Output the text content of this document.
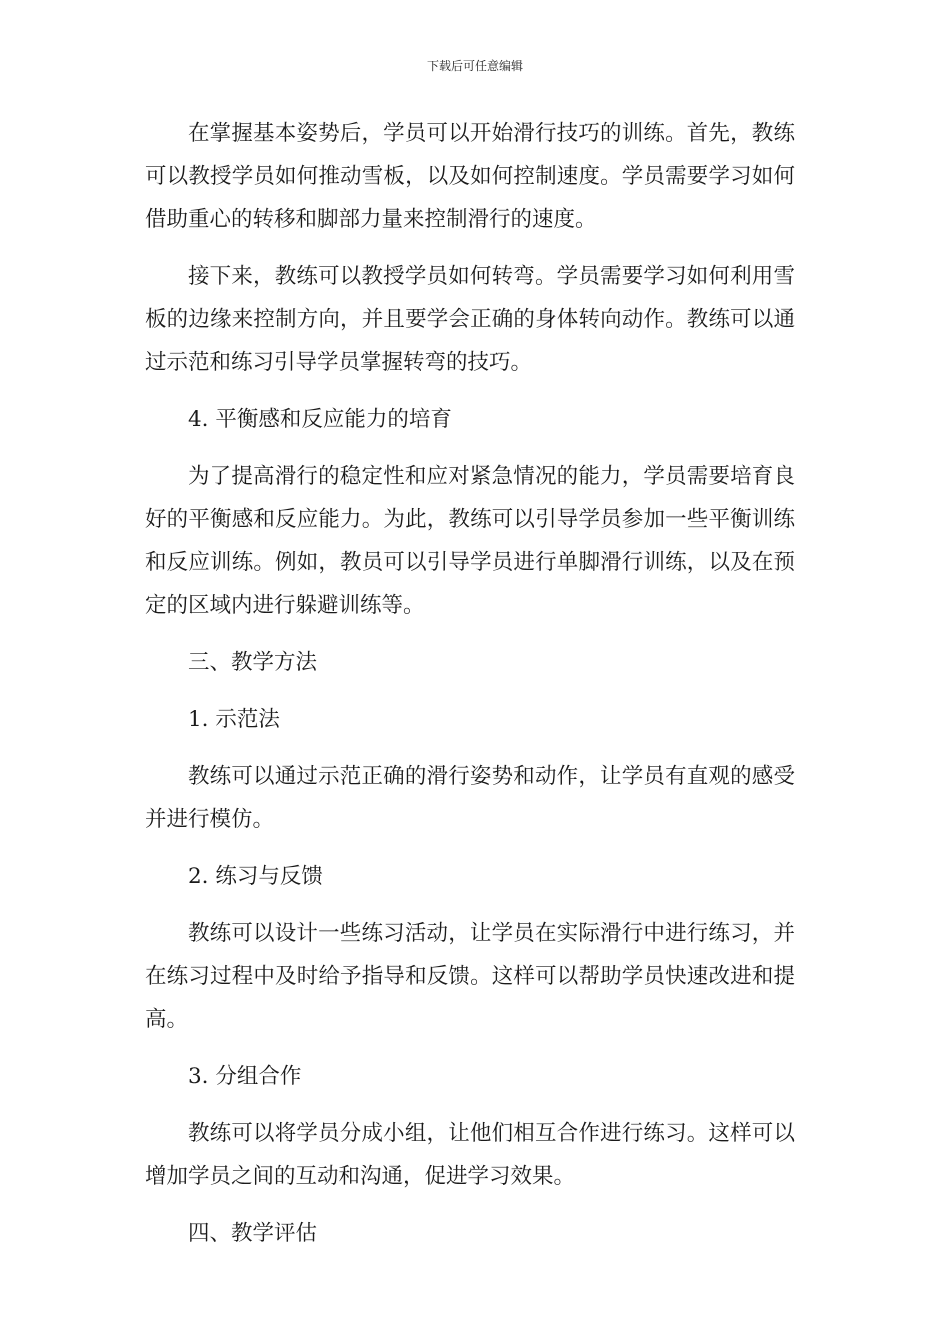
下载后可任意编辑

在掌握基本姿势后，学员可以开始滑行技巧的训练。首先，教练可以教授学员如何推动雪板，以及如何控制速度。学员需要学习如何借助重心的转移和脚部力量来控制滑行的速度。

接下来，教练可以教授学员如何转弯。学员需要学习如何利用雪板的边缘来控制方向，并且要学会正确的身体转向动作。教练可以通过示范和练习引导学员掌握转弯的技巧。

4. 平衡感和反应能力的培育

为了提高滑行的稳定性和应对紧急情况的能力，学员需要培育良好的平衡感和反应能力。为此，教练可以引导学员参加一些平衡训练和反应训练。例如，教员可以引导学员进行单脚滑行训练，以及在预定的区域内进行躲避训练等。

三、教学方法
1. 示范法

教练可以通过示范正确的滑行姿势和动作，让学员有直观的感受并进行模仿。

2. 练习与反馈

教练可以设计一些练习活动，让学员在实际滑行中进行练习，并在练习过程中及时给予指导和反馈。这样可以帮助学员快速改进和提高。

3. 分组合作

教练可以将学员分成小组，让他们相互合作进行练习。这样可以增加学员之间的互动和沟通，促进学习效果。

四、教学评估
